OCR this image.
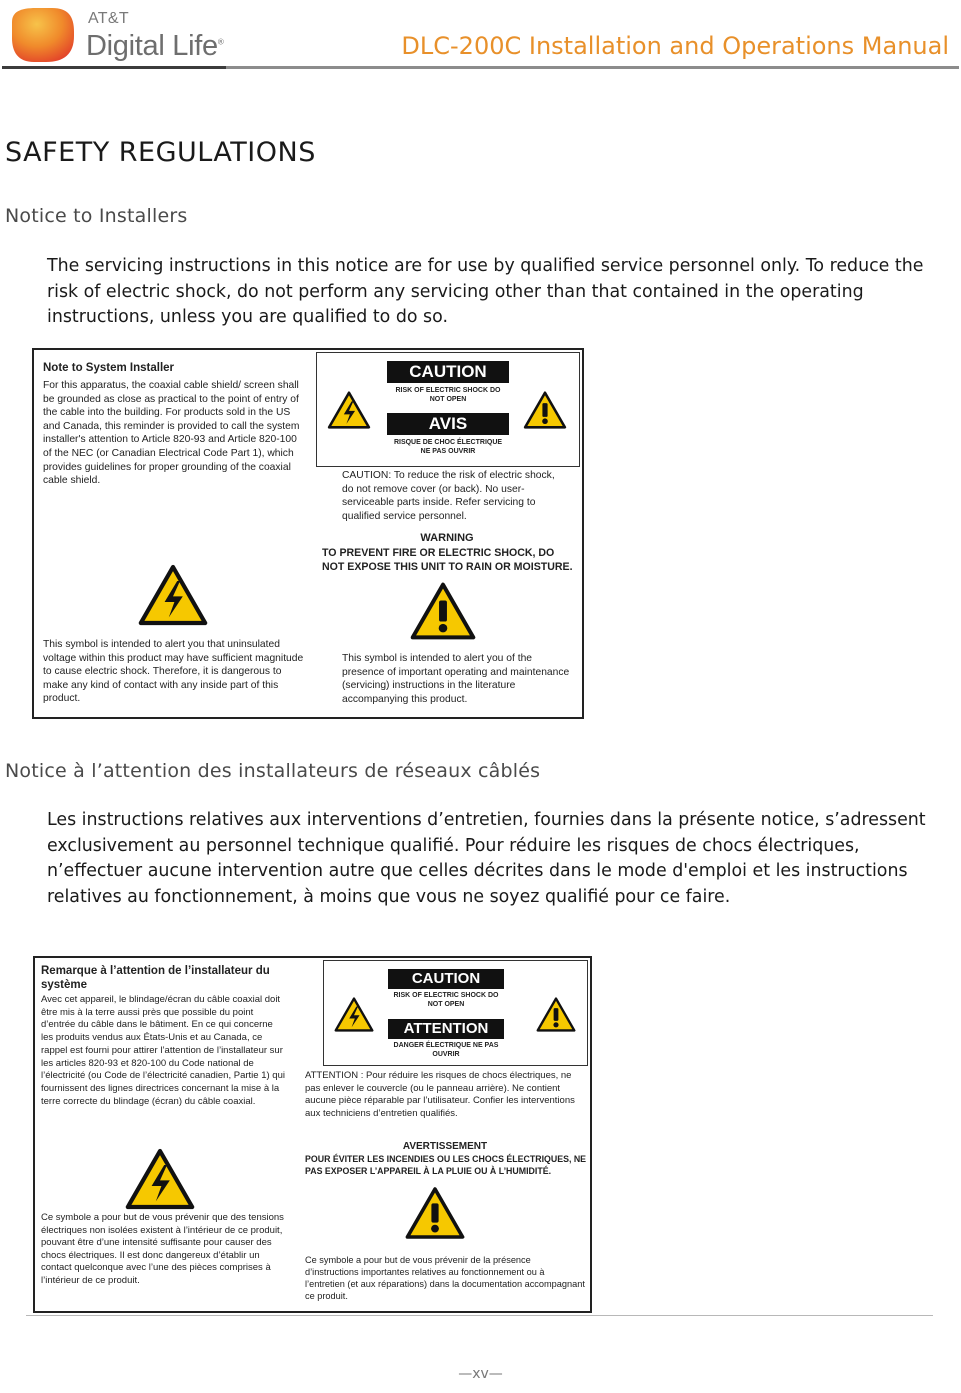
AT&T
Digital Life®	DLC-200C Installation and Operations Manual
SAFETY REGULATIONS
Notice to Installers

The servicing instructions in this notice are for use by qualified service personnel only. To reduce the risk of electric shock, do not perform any servicing other than that contained in the operating instructions, unless you are qualified to do so.

Note to System Installer
For this apparatus, the coaxial cable shield/ screen shall be grounded as close as practical to the point of entry of the cable into the building. For products sold in the US and Canada, this reminder is provided to call the system installer's attention to Article 820-93 and Article 820-100 of the NEC (or Canadian Electrical Code Part 1), which provides guidelines for proper grounding of the coaxial cable shield.
CAUTION
RISK OF ELECTRIC SHOCK DO NOT OPEN
AVIS
RISQUE DE CHOC ÉLECTRIQUE NE PAS OUVRIR
CAUTION: To reduce the risk of electric shock, do not remove cover (or back). No user-serviceable parts inside. Refer servicing to qualified service personnel.
WARNING
TO PREVENT FIRE OR ELECTRIC SHOCK, DO NOT EXPOSE THIS UNIT TO RAIN OR MOISTURE.
This symbol is intended to alert you that uninsulated voltage within this product may have sufficient magnitude to cause electric shock. Therefore, it is dangerous to make any kind of contact with any inside part of this product.
This symbol is intended to alert you of the presence of important operating and maintenance (servicing) instructions in the literature accompanying this product.
Notice à l’attention des installateurs de réseaux câblés

Les instructions relatives aux interventions d’entretien, fournies dans la présente notice, s’adressent exclusivement au personnel technique qualifié. Pour réduire les risques de chocs électriques, n’effectuer aucune intervention autre que celles décrites dans le mode d'emploi et les instructions relatives au fonctionnement, à moins que vous ne soyez qualifié pour ce faire.

Remarque à l’attention de l’installateur du système
Avec cet appareil, le blindage/écran du câble coaxial doit être mis à la terre aussi près que possible du point d’entrée du câble dans le bâtiment. En ce qui concerne les produits vendus aux États-Unis et au Canada, ce rappel est fourni pour attirer l’attention de l’installateur sur les articles 820-93 et 820-100 du Code national de l’électricité (ou Code de l’électricité canadien, Partie 1) qui fournissent des lignes directrices concernant la mise à la terre correcte du blindage (écran) du câble coaxial.
CAUTION
RISK OF ELECTRIC SHOCK DO NOT OPEN
ATTENTION
DANGER ÉLECTRIQUE NE PAS OUVRIR
ATTENTION : Pour réduire les risques de chocs électriques, ne pas enlever le couvercle (ou le panneau arrière). Ne contient aucune pièce réparable par l’utilisateur. Confier les interventions aux techniciens d’entretien qualifiés.
AVERTISSEMENT
POUR ÉVITER LES INCENDIES OU LES CHOCS ÉLECTRIQUES, NE PAS EXPOSER L’APPAREIL À LA PLUIE OU À L’HUMIDITÉ.
Ce symbole a pour but de vous prévenir que des tensions électriques non isolées existent à l’intérieur de ce produit, pouvant être d’une intensité suffisante pour causer des chocs électriques. Il est donc dangereux d’établir un contact quelconque avec l’une des pièces comprises à l’intérieur de ce produit.
Ce symbole a pour but de vous prévenir de la présence d’instructions importantes relatives au fonctionnement ou à l’entretien (et aux réparations) dans la documentation accompagnant ce produit.
—xv—
